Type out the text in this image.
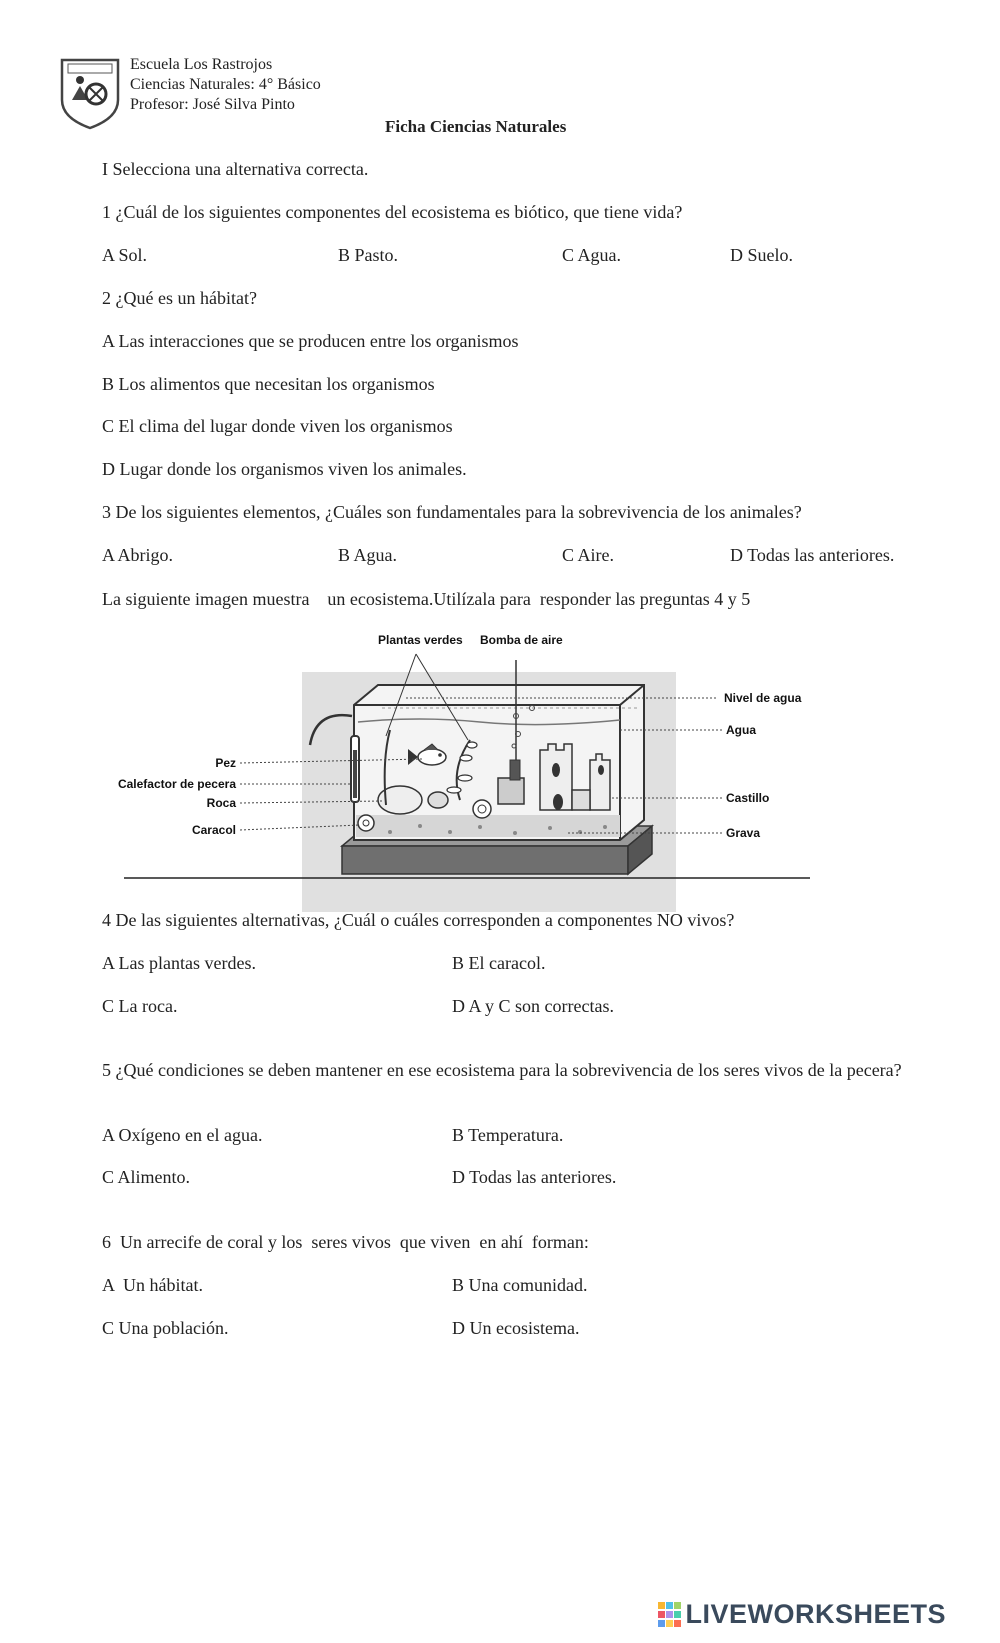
Escuela Los Rastrojos
Ciencias Naturales: 4° Básico
Profesor: José Silva Pinto
Ficha Ciencias Naturales
I Selecciona una alternativa correcta.
1 ¿Cuál de los siguientes componentes del ecosistema es biótico, que tiene vida?
A Sol.	B Pasto.	C Agua.	D Suelo.
2 ¿Qué es un hábitat?
A Las interacciones que se producen entre los organismos
B Los alimentos que necesitan los organismos
C El clima del lugar donde viven los organismos
D Lugar donde los organismos viven los animales.
3 De los siguientes elementos, ¿Cuáles son fundamentales para la sobrevivencia de los animales?
A Abrigo.	B Agua.	C Aire.	D Todas las anteriores.
La siguiente imagen muestra    un ecosistema.Utilízala para  responder las preguntas 4 y 5
Plantas verdes Bomba de aire
Nivel de agua
Agua
Pez
Calefactor de pecera
Roca
Caracol
Castillo
Grava
4 De las siguientes alternativas, ¿Cuál o cuáles corresponden a componentes NO vivos?
A Las plantas verdes.	B El caracol.
C La roca.	D A y C son correctas.
5 ¿Qué condiciones se deben mantener en ese ecosistema para la sobrevivencia de los seres vivos de la pecera?
A Oxígeno en el agua.	B Temperatura.
C Alimento.	D Todas las anteriores.
6  Un arrecife de coral y los  seres vivos  que viven  en ahí  forman:
A  Un hábitat.	B Una comunidad.
C Una población.	D Un ecosistema.
LIVEWORKSHEETS
